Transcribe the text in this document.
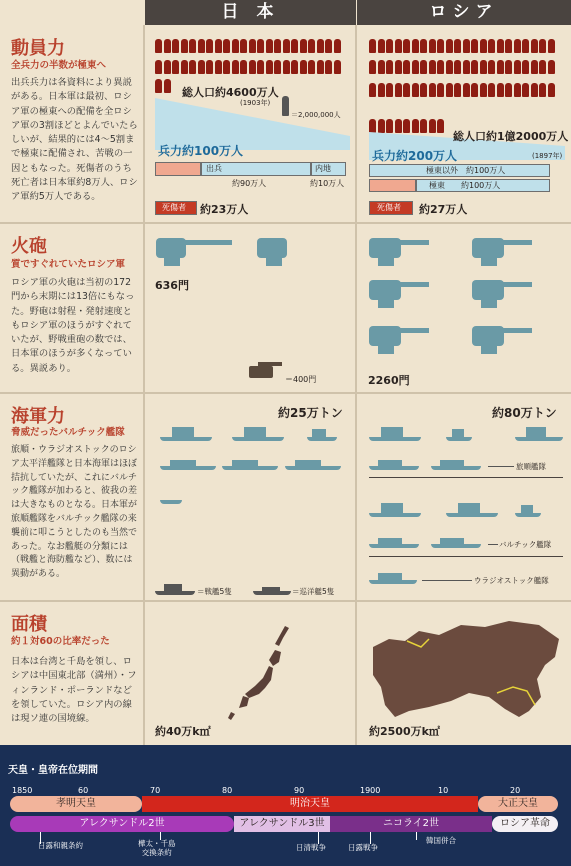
日 本	ロシア
動員力
全兵力の半数が極東へ
出兵兵力は各資料により異説がある。日本軍は最初、ロシア軍の極東への配備を全ロシア軍の3割ほどとよんでいたらしいが、結果的には4～5割まで極東に配備され、苦戦の一因ともなった。死傷者のうち死亡者は日本軍約8万人、ロシア軍約5万人である。
総人口約4600万人
(1903年)
＝2,000,000人
兵力約100万人
出兵	内地
約90万人	約10万人
死傷者	約23万人
総人口約1億2000万人
(1897年)
兵力約200万人
極東以外　 約100万人
極東　　 約100万人
死傷者	約27万人
火砲
質ですぐれていたロシア軍
ロシア軍の火砲は当初の172門から末期には13倍にもなった。野砲は射程・発射速度ともロシア軍のほうがすぐれていたが、野戦重砲の数では、日本軍のほうが多くなっている。異説あり。
636門
＝400門	2260門
海軍力
脅威だったバルチック艦隊
旅順・ウラジオストックのロシア太平洋艦隊と日本海軍はほぼ拮抗していたが、これにバルチック艦隊が加わると、彼我の差は大きなものとなる。日本軍が旅順艦隊をバルチック艦隊の来襲前に叩こうとしたのも当然であった。なお艦艇の分類には（戦艦と海防艦など）、数には異動がある。
約25万トン	約80万トン
＝戦艦5隻	＝巡洋艦5隻
旅順艦隊
バルチック艦隊
ウラジオストック艦隊
面積
約１対60の比率だった
日本は台湾と千島を領し、ロシアは中国東北部（満州）・フィンランド・ポーランドなどを領していた。ロシア内の線は現ソ連の国境線。
約40万k㎡	約2500万k㎡
天皇・皇帝在位期間
1850	60	70	80	90	1900	10	20
孝明天皇	明治天皇	大正天皇
アレクサンドル2世	アレクサンドル3世	ニコライ2世	ロシア革命
日露和親条約	樺太・千島
交換条約
日清戦争	日露戦争
韓国併合
